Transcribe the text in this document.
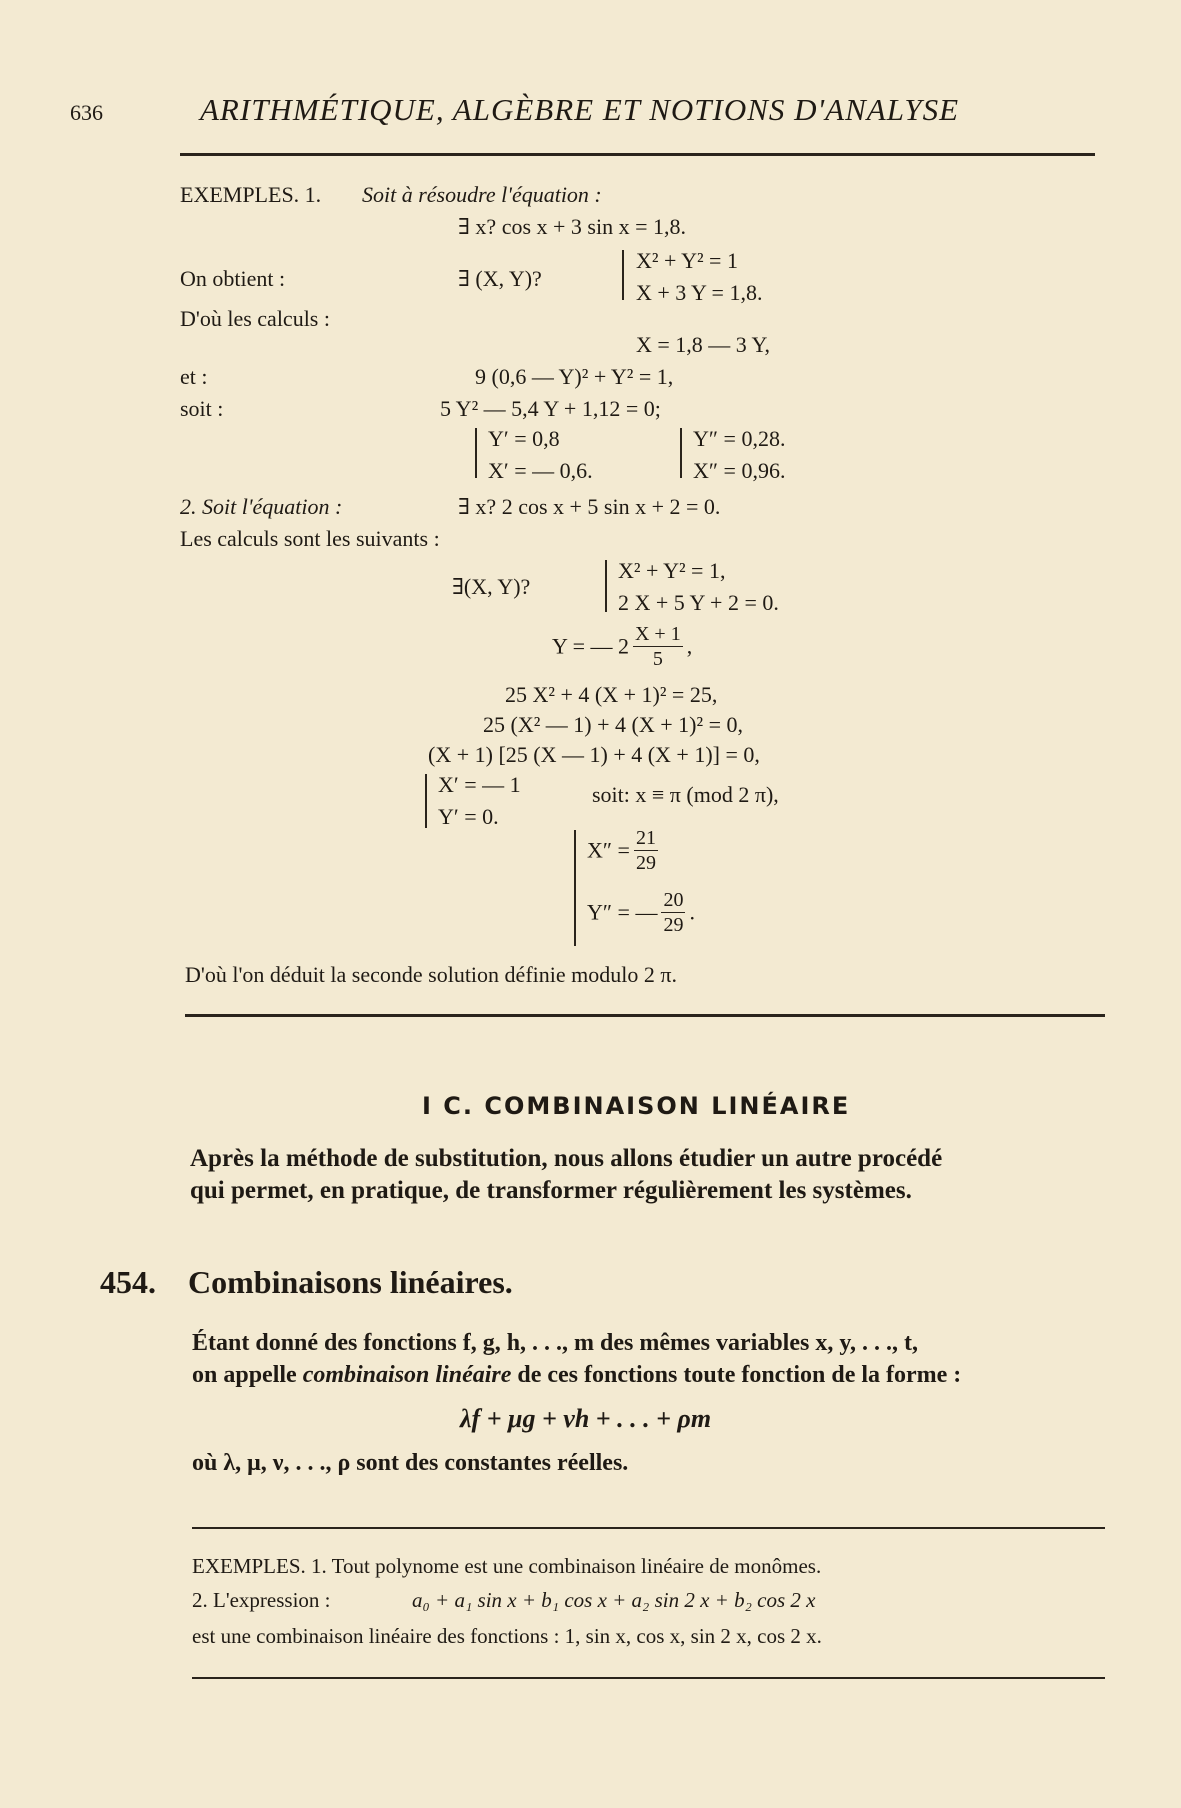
636	ARITHMÉTIQUE, ALGÈBRE ET NOTIONS D'ANALYSE
EXEMPLES. 1. Soit à résoudre l'équation :
∃ x? cos x + 3 sin x = 1,8.
On obtient :	∃ (X, Y)?
X² + Y² = 1
X + 3 Y = 1,8.
D'où les calculs :
X = 1,8 — 3 Y,
et :	9 (0,6 — Y)² + Y² = 1,
soit :	5 Y² — 5,4 Y + 1,12 = 0;
Y′ = 0,8
X′ = — 0,6.
Y″ = 0,28.
X″ = 0,96.
2. Soit l'équation :	∃ x? 2 cos x + 5 sin x + 2 = 0.
Les calculs sont les suivants :
∃(X, Y)?
X² + Y² = 1,
2 X + 5 Y + 2 = 0.
Y = — $2 \frac{X + 1}{5}$ ,
25 X² + 4 (X + 1)² = 25,
25 (X² — 1) + 4 (X + 1)² = 0,
(X + 1) [25 (X — 1) + 4 (X + 1)] = 0,
X′ = — 1
Y′ = 0.
soit: x ≡ π (mod 2 π),
$X'' = \frac{21}{29}$
Y″ = — $\frac{20}{29}$ .
D'où l'on déduit la seconde solution définie modulo 2 π.
I C. COMBINAISON LINÉAIRE
Après la méthode de substitution, nous allons étudier un autre procédé
qui permet, en pratique, de transformer régulièrement les systèmes.
454. Combinaisons linéaires.
Étant donné des fonctions f, g, h, . . ., m des mêmes variables x, y, . . ., t,
on appelle combinaison linéaire de ces fonctions toute fonction de la forme :
λf + μg + νh + . . . + ρm
où λ, μ, ν, . . ., ρ sont des constantes réelles.
EXEMPLES. 1. Tout polynome est une combinaison linéaire de monômes.
2. L'expression :	a₀ + a₁ sin x + b₁ cos x + a₂ sin 2 x + b₂ cos 2 x
est une combinaison linéaire des fonctions : 1, sin x, cos x, sin 2 x, cos 2 x.
